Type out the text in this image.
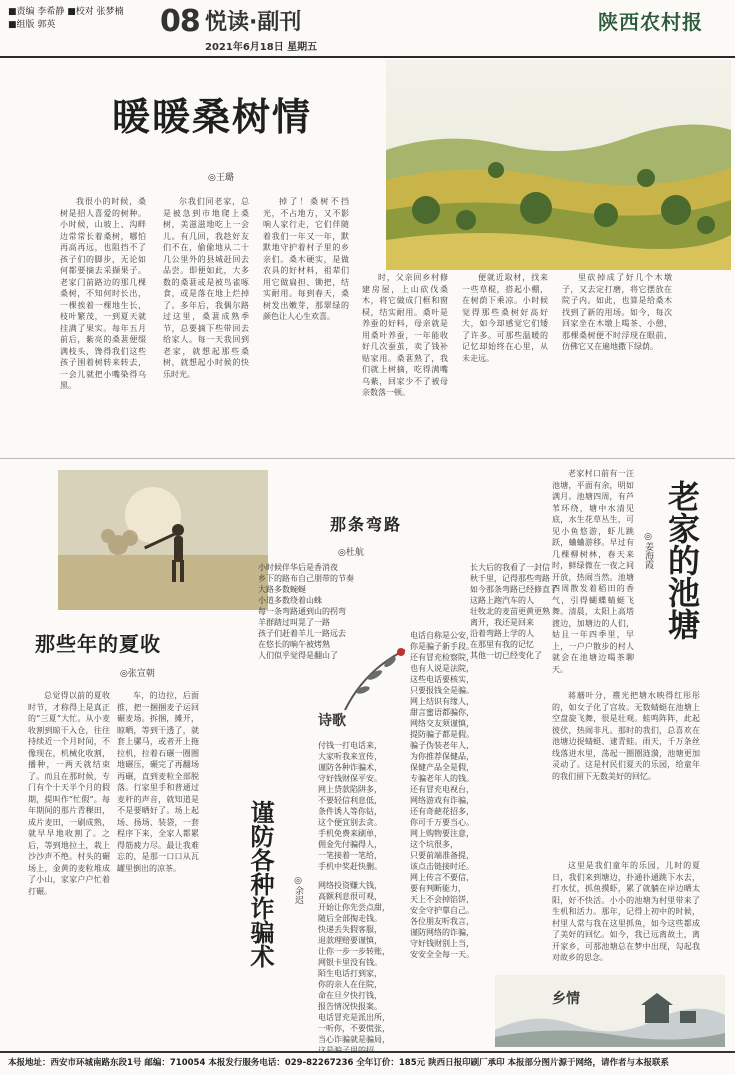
■责编 李希静 ■校对 张梦楠
■组版 郭英	08 悦读·副刊
2021年6月18日 星期五
陕西农村报
暖暖桑树情
◎王璐

我很小的时候，桑树是招人喜爱的树种。小时候，山坡上、沟畔边常常长着桑树，哪怕再高再远，也阻挡不了孩子们的脚步，无论如何都要摘去采撷果子。老家门前路边的那几棵桑树，不知何时长出，一棵挨着一棵地生长，枝叶繁茂，一到夏天就挂满了果实。每年五月前后，紫亮的桑葚便缀满枝头，馋得我们这些孩子围着树转来转去，一会儿就把小嘴染得乌黑。

尔我们同老家，总是被急到市地爬上桑树，美滋滋地吃上一会儿。有几回，我趁好友们不在，偷偷地从二十几公里外的县城赶回去品尝。即便如此，大多数的桑葚或是被鸟雀啄食，或是落在地上烂掉了。多年后，我偶尔路过这里，桑葚成熟季节，总要摘下些带回去给家人。每一天我回到老家，就想起那些桑树，就想起小时候的快乐时光。

掉了！桑树不挡光，不占地方，又不影响人家行走，它们伴随着我们一年又一年，默默地守护着村子里的乡亲们。桑木硬实，是做农具的好材料，祖辈们用它做扁担、锄把，结实耐用。每到春天，桑树发出嫩芽，那翠绿的颜色让人心生欢喜。

时，父亲回乡村修建房屋，上山砍伐桑木，将它做成门框和窗棂，结实耐用。桑叶是养蚕的好料，母亲就是用桑叶养蚕，一年能收好几次蚕茧，卖了钱补贴家用。桑葚熟了，我们就上树摘，吃得满嘴乌紫，回家少不了被母亲数落一顿。

便就近取材，找来一些草棍，搭起小棚，在树荫下乘凉。小时候觉得那些桑树好高好大，如今却感觉它们矮了许多。可那些温暖的记忆却始终在心里，从未走远。

里砍掉成了好几个木墩子，又去定打磨，将它摆放在院子内。如此，也算是给桑木找到了新的用场。如今，每次回家坐在木墩上喝茶、小憩，那棵桑树便不时浮现在眼前，仿佛它又在遍地撒下绿荫。

那条弯路
◎杜航
小时候伴华后是香消夜
乡下的路布自己朋带的节奏
大路多数蜿蜒
小道多数绕着山蛛
每一条弯路通到山的拐弯
羊群踏过叫晃了一路
孩子们赶着羊儿一路远去
在悠长的晌午被烤熟
人们似乎觉得是翻山了
长大后的我看了一封信
秋千里，记得那些弯路
如今那条弯路已经修直了
这路上跑汽车的人
壮牧北的麦苗更黄更熟
离开，我还是回来
沿着弯路上学的人
在那里有我的记忆
其他一切已经变化了
那些年的夏收
◎张宣朝

总觉得以前的夏收时节，才称得上是真正的“三夏”大忙。从小麦收割到晾干入仓，往往持续近一个月时间，不像现在，机械化收割，播种，一两天就结束了。而且在那时候，专门有个十天半个月的假期，提叫作“忙假”。每年期间的那片青稞田，成片麦田，一刷成熟，就早早地收割了。之后，等到地拉土，栽上沙沙声不绝。村头的碾场上，金黄的麦粒堆成了小山，家家户户忙着打碾。

车，的边拉，后面推，把一捆捆麦子运回碾麦场。拆捆，摊开，晾晒，等到干透了，就套上骡马，或者开上拖拉机，拉着石碾一圈圈地碾压，碾完了再翻场再碾，直到麦粒全部脱落。行家里手和普通过麦秆的声音，就知道是不是要晒好了。场上起场、扬场、装袋，一套程序下来，全家人都累得筋疲力尽。最让我难忘的，是那一口口从瓦罐里倒出的凉茶。

诗歌
谨防各种诈骗术 ◎余迟
付钱一打电话来，
大家听我来宣传，
谨防各种诈骗术，
守好钱财保平安。
网上贷款陷阱多，
不要轻信利息低，
条件诱人等你钻，
这个便宜别去贪。
手机免费来刷单，
佣金先付骗得人，
一笔接着一笔给，
手机中奖赶快删。
网络投资赚大钱，
高额利息很可观，
开始让你先尝点甜，
随后全部掏走钱。
快递丢失假客服，
退款理赔要谨慎，
让你一步一步转账，
网银卡里没有钱。
陌生电话打到家，
你的亲人在住院，
命在旦夕快打钱，
报告情况快报案。
电话冒充是派出所，
一听你，不要慌张，
当心诈骗就是骗局，
电话自称是公安，
你是骗子新手段。
还有冒充检察院，
也有人说是法院，
这些电话要核实，
只要报钱全是骗。
网上结识有缘人，
甜言蜜语都骗你，
网络交友须谨慎，
提防骗子都是假。
骗子伪装老年人，
为你推荐保健品，
保健产品全是假，
专骗老年人的钱。
还有冒充电视台，
网络游戏有诈骗，
还有奇葩花招多，
你可千万要当心。
网上购物要注意，
这个坑很多，
只要前端准备提，
该点击链接时还。
网上传言不要信，
要有判断能力，
天上不会掉馅饼，
安全守护靠自己。
各位朋友听我言，
谨防网络的诈骗，
守好钱财别上当，
安安全全每一天。
老家的池塘
◎姜海霞

老家村口前有一汪池塘，平面有余，明如满月。池塘四周，有芦苇环绕，塘中水清见底，水生花草丛生，可见小鱼悠游，虾儿跳跃，蛐蛐游移。早过有几棵柳树林，春天来时，鲜绿微在一夜之间开放，热闹当然。池塘四周散发着稻田的香气，引得蝴蝶蜻蜓飞舞。清晨，太阳上高塔渡边，加塘边的人们，姑且一年四季里，早上，一户户散步的村人就会在池塘边喝茶聊天。

蒋蘑叶分，禮光把塘水映得红彤彤的，如女子化了宫妆。无数蜻蜓在池塘上空盘旋飞舞，很是壮观。蛙鸣阵阵，此起彼伏，热闹非凡。那时的我们，总喜欢在池塘边捉蜻蜓、逮青蛙。雨天，千万条丝线落进水里，荡起一圈圈涟漪，池塘更加灵动了。这是村民们夏天的乐园，给童年的我们留下无数美好的回忆。

这里是我们童年的乐园，儿时的夏日，我们来到塘边，扑通扑通跳下水去，打水仗，抓鱼摸虾，累了就躺在岸边晒太阳，好不快活。小小的池塘为村里带来了生机和活力。那年，记得上初中的时候，村里人常与我在这里抓鱼，如今这些都成了美好的回忆。如今，我已远离故土，离开家乡，可那池塘总在梦中出现，勾起我对故乡的思念。

乡情
本报地址：西安市环城南路东段1号 邮编：710054 本报发行服务电话：029-82267236 全年订价：185元 陕西日报印刷厂承印 本报部分图片源于网络，请作者与本报联系
